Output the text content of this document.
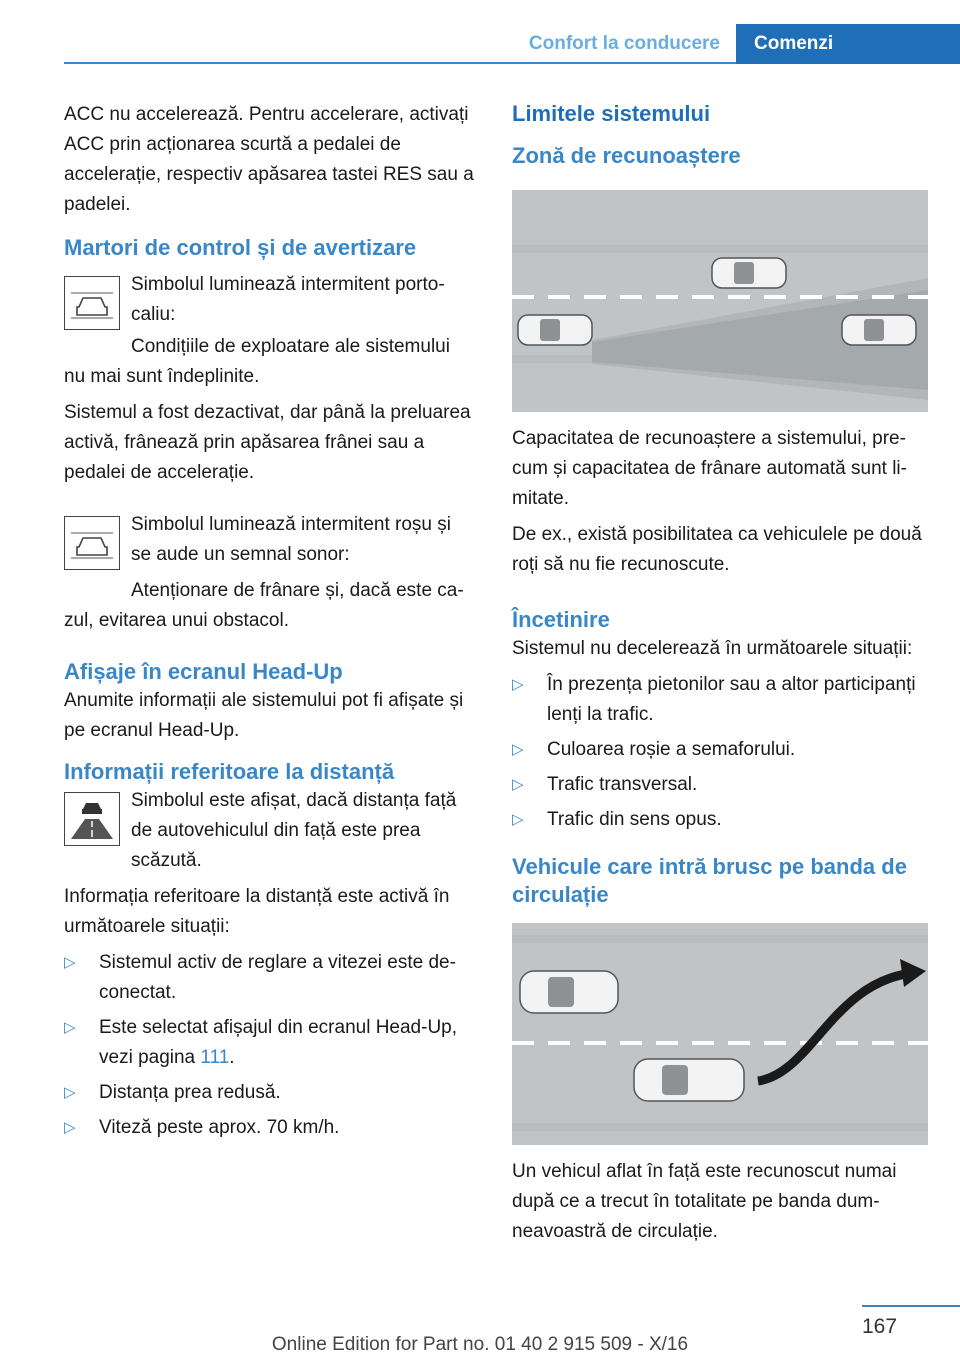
Confort la conducere	Comenzi

ACC nu accelerează. Pentru accelerare, activați ACC prin acționarea scurtă a pedalei de accelerație, respectiv apăsarea tastei RES sau a padelei.

Martori de control și de avertizare

Simbolul luminează intermitent portocaliu:

Condițiile de exploatare ale sistemului nu mai sunt îndeplinite.

Sistemul a fost dezactivat, dar până la preluarea activă, frânează prin apăsarea frânei sau a pedalei de accelerație.

Simbolul luminează intermitent roșu și se aude un semnal sonor:

Atenționare de frânare și, dacă este cazul, evitarea unui obstacol.

Afișaje în ecranul Head-Up

Anumite informații ale sistemului pot fi afișate și pe ecranul Head-Up.

Informații referitoare la distanță

Simbolul este afișat, dacă distanța față de autovehiculul din față este prea scăzută.

Informația referitoare la distanță este activă în următoarele situații:

▷ Sistemul activ de reglare a vitezei este deconectat.
▷ Este selectat afișajul din ecranul Head-Up, vezi pagina 111.
▷ Distanța prea redusă.
▷ Viteză peste aprox. 70 km/h.
Limitele sistemului
Zonă de recunoaștere

Capacitatea de recunoaștere a sistemului, precum și capacitatea de frânare automată sunt limitate.

De ex., există posibilitatea ca vehiculele pe două roți să nu fie recunoscute.

Încetinire

Sistemul nu decelerează în următoarele situații:

▷ În prezența pietonilor sau a altor participanți lenți la trafic.
▷ Culoarea roșie a semaforului.
▷ Trafic transversal.
▷ Trafic din sens opus.
Vehicule care intră brusc pe banda de circulație

Un vehicul aflat în față este recunoscut numai după ce a trecut în totalitate pe banda dumneavoastră de circulație.

167
Online Edition for Part no. 01 40 2 915 509 - X/16
